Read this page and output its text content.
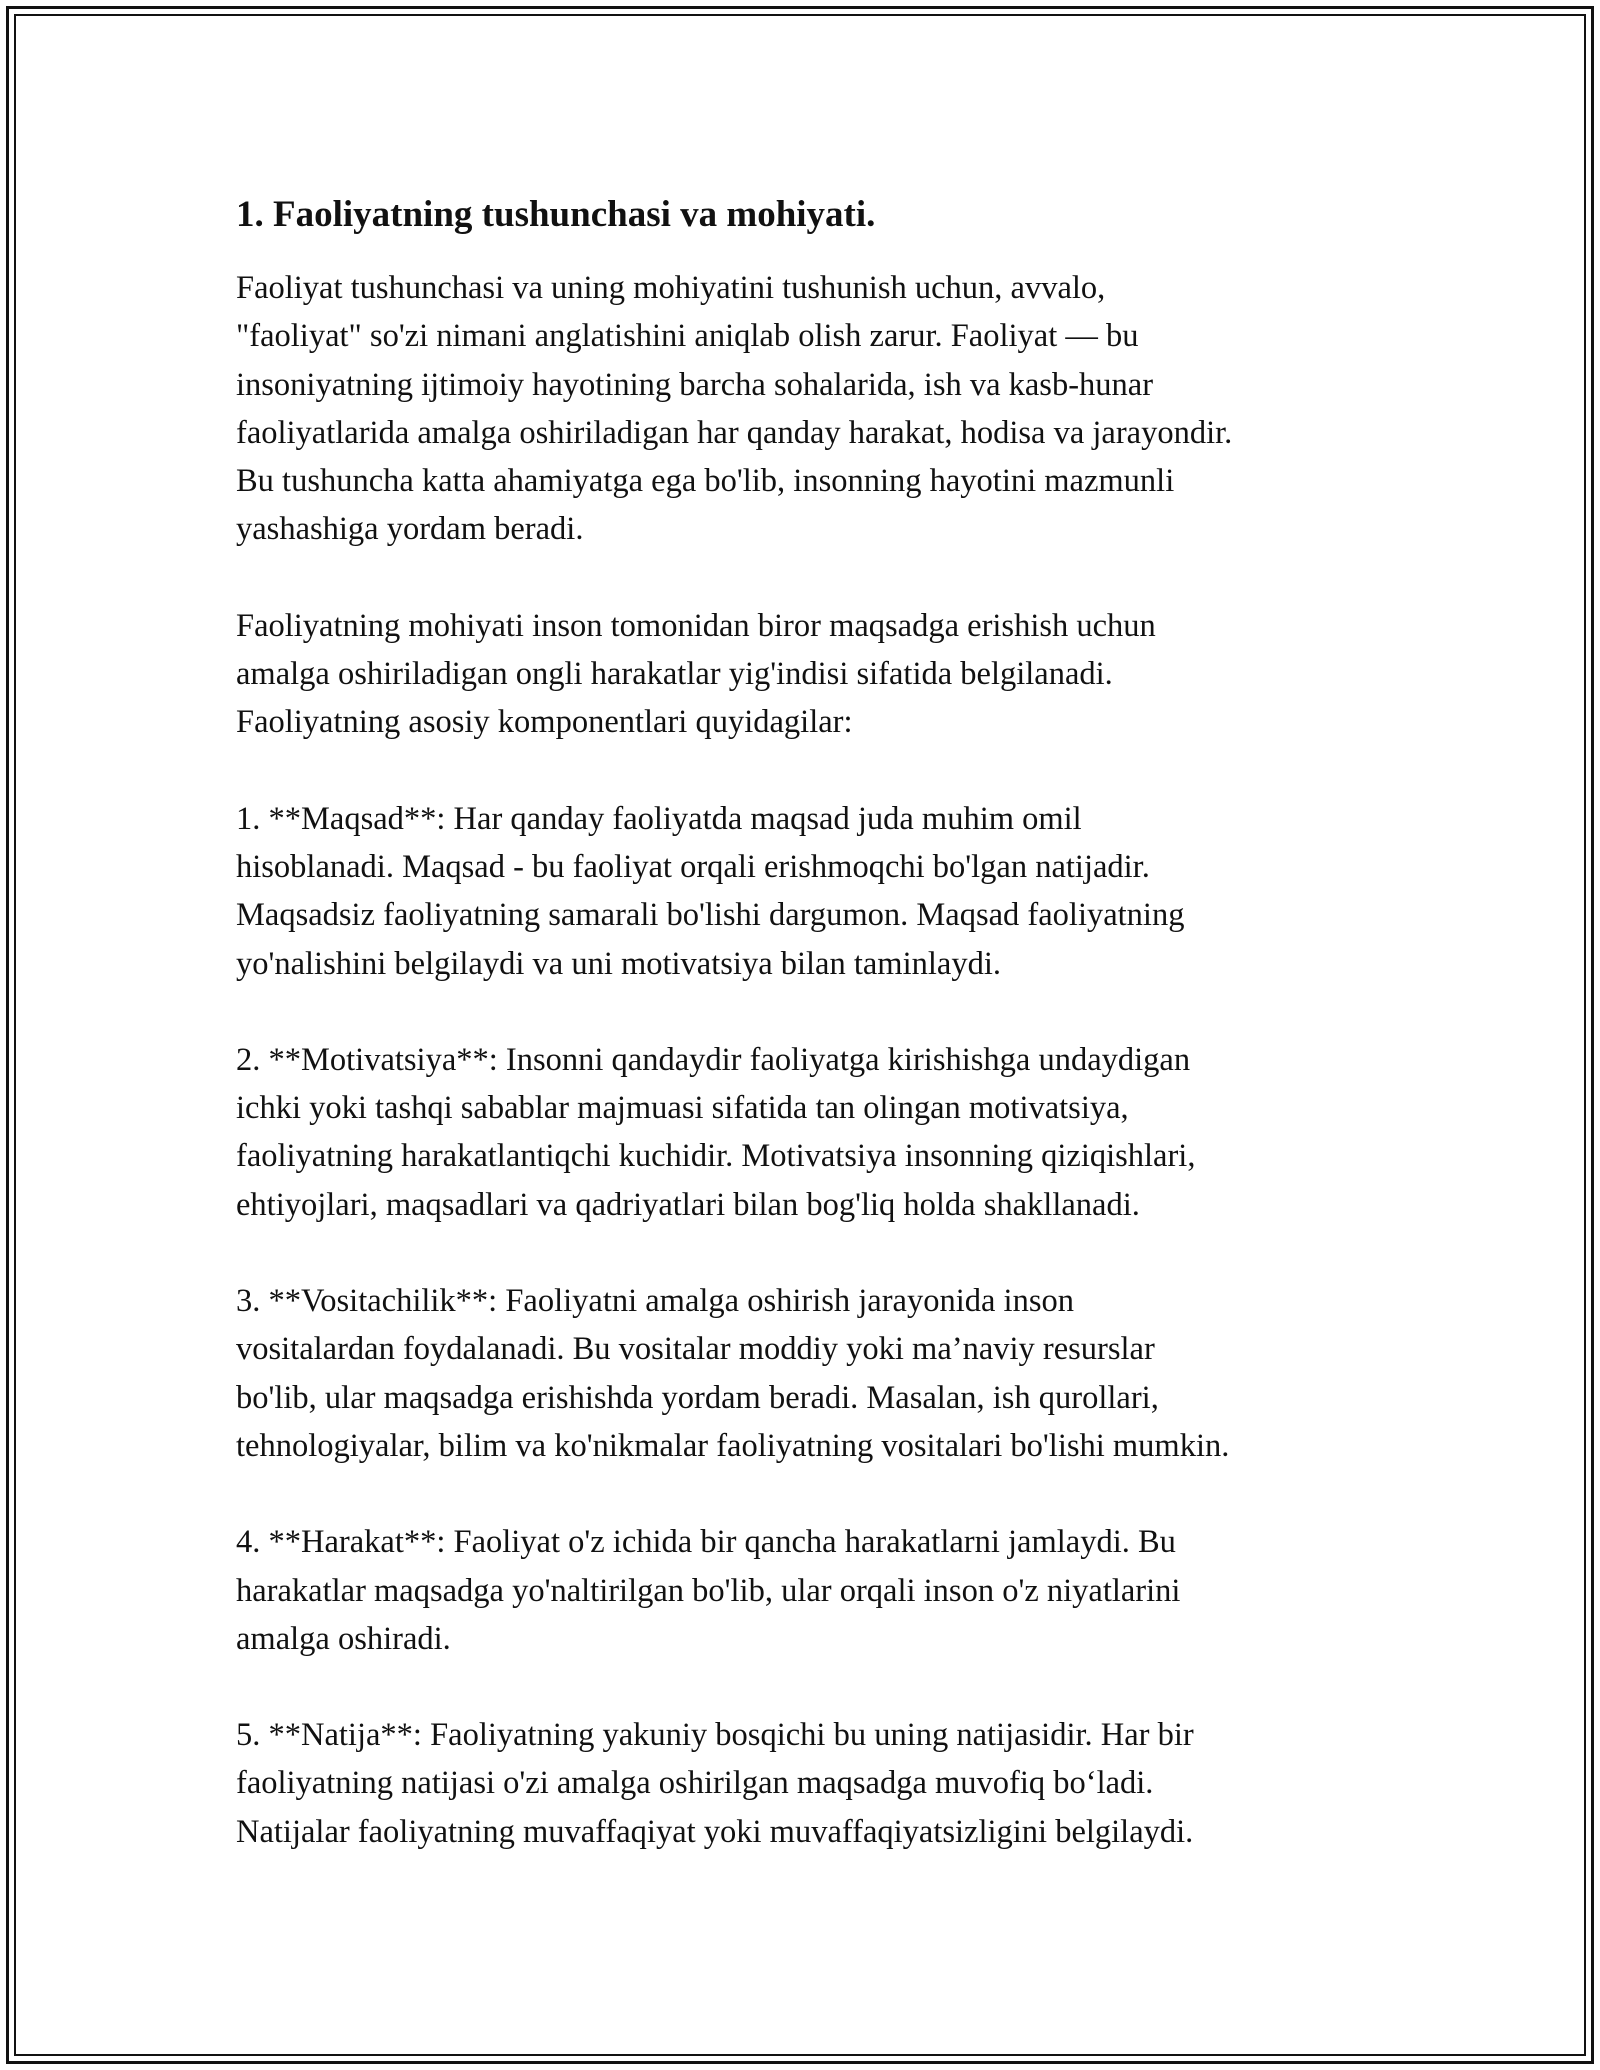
1. Faoliyatning tushunchasi va mohiyati.

Faoliyat tushunchasi va uning mohiyatini tushunish uchun, avvalo,
"faoliyat" so'zi nimani anglatishini aniqlab olish zarur. Faoliyat — bu
insoniyatning ijtimoiy hayotining barcha sohalarida, ish va kasb-hunar
faoliyatlarida amalga oshiriladigan har qanday harakat, hodisa va jarayondir.
Bu tushuncha katta ahamiyatga ega bo'lib, insonning hayotini mazmunli
yashashiga yordam beradi.

Faoliyatning mohiyati inson tomonidan biror maqsadga erishish uchun
amalga oshiriladigan ongli harakatlar yig'indisi sifatida belgilanadi.
Faoliyatning asosiy komponentlari quyidagilar:

1. **Maqsad**: Har qanday faoliyatda maqsad juda muhim omil
hisoblanadi. Maqsad - bu faoliyat orqali erishmoqchi bo'lgan natijadir.
Maqsadsiz faoliyatning samarali bo'lishi dargumon. Maqsad faoliyatning
yo'nalishini belgilaydi va uni motivatsiya bilan taminlaydi.

2. **Motivatsiya**: Insonni qandaydir faoliyatga kirishishga undaydigan
ichki yoki tashqi sabablar majmuasi sifatida tan olingan motivatsiya,
faoliyatning harakatlantiqchi kuchidir. Motivatsiya insonning qiziqishlari,
ehtiyojlari, maqsadlari va qadriyatlari bilan bog'liq holda shakllanadi.

3. **Vositachilik**: Faoliyatni amalga oshirish jarayonida inson
vositalardan foydalanadi. Bu vositalar moddiy yoki ma’naviy resurslar
bo'lib, ular maqsadga erishishda yordam beradi. Masalan, ish qurollari,
tehnologiyalar, bilim va ko'nikmalar faoliyatning vositalari bo'lishi mumkin.

4. **Harakat**: Faoliyat o'z ichida bir qancha harakatlarni jamlaydi. Bu
harakatlar maqsadga yo'naltirilgan bo'lib, ular orqali inson o'z niyatlarini
amalga oshiradi.

5. **Natija**: Faoliyatning yakuniy bosqichi bu uning natijasidir. Har bir
faoliyatning natijasi o'zi amalga oshirilgan maqsadga muvofiq bo‘ladi.
Natijalar faoliyatning muvaffaqiyat yoki muvaffaqiyatsizligini belgilaydi.
